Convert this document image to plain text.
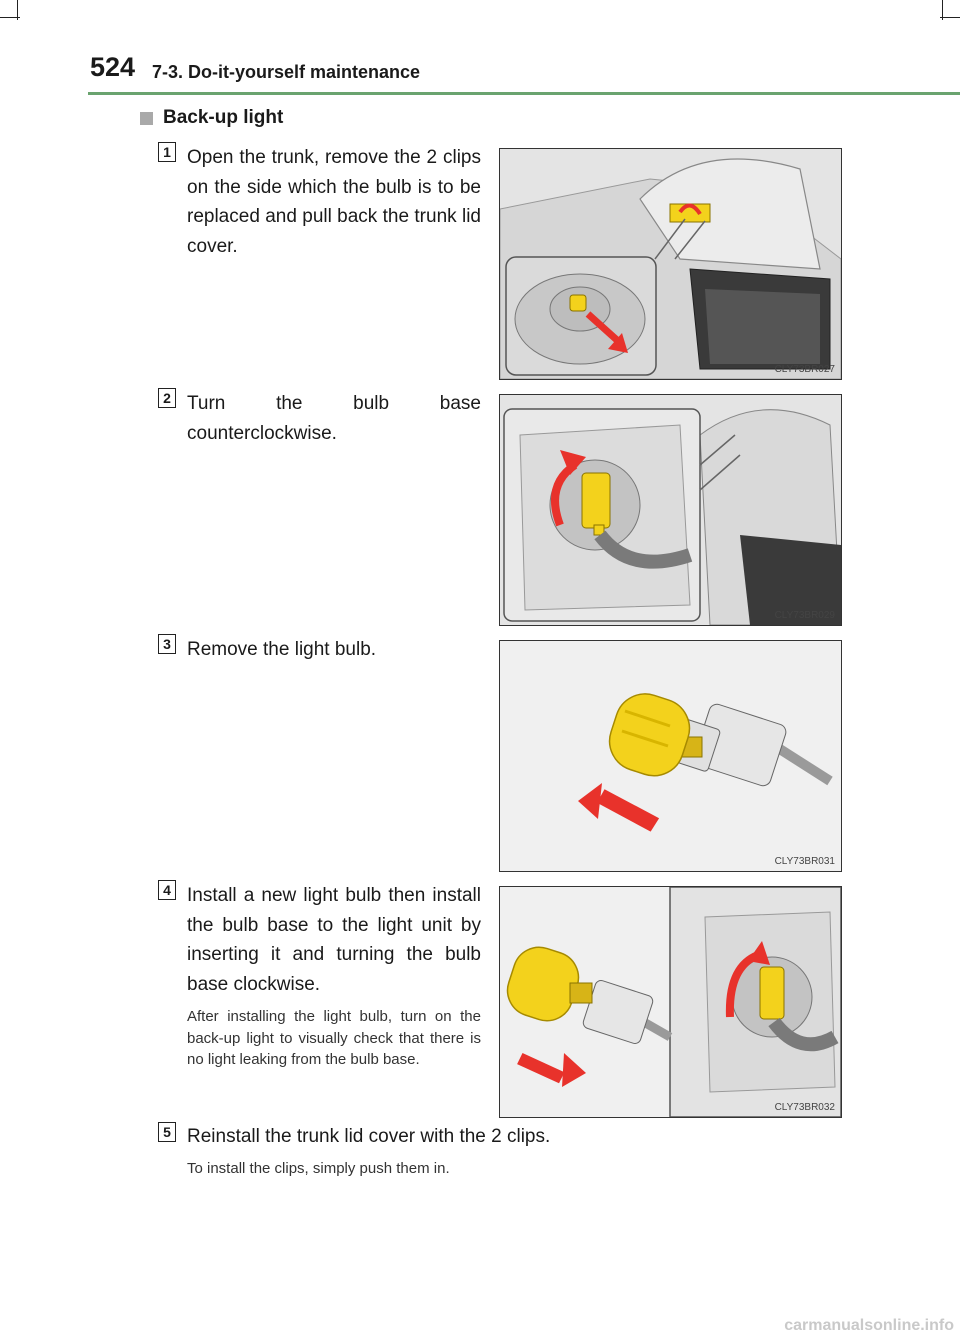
524 7-3. Do-it-yourself maintenance
Back-up light
1 Open the trunk, remove the 2 clips on the side which the bulb is to be replaced and pull back the trunk lid cover.
CLY73BR027
2 Turn the bulb base counterclockwise.
CLY73BR029
3 Remove the light bulb.
CLY73BR031
4 Install a new light bulb then install the bulb base to the light unit by inserting it and turning the bulb base clockwise.
After installing the light bulb, turn on the back-up light to visually check that there is no light leaking from the bulb base.
CLY73BR032
5 Reinstall the trunk lid cover with the 2 clips.
To install the clips, simply push them in.
carmanualsonline.info
